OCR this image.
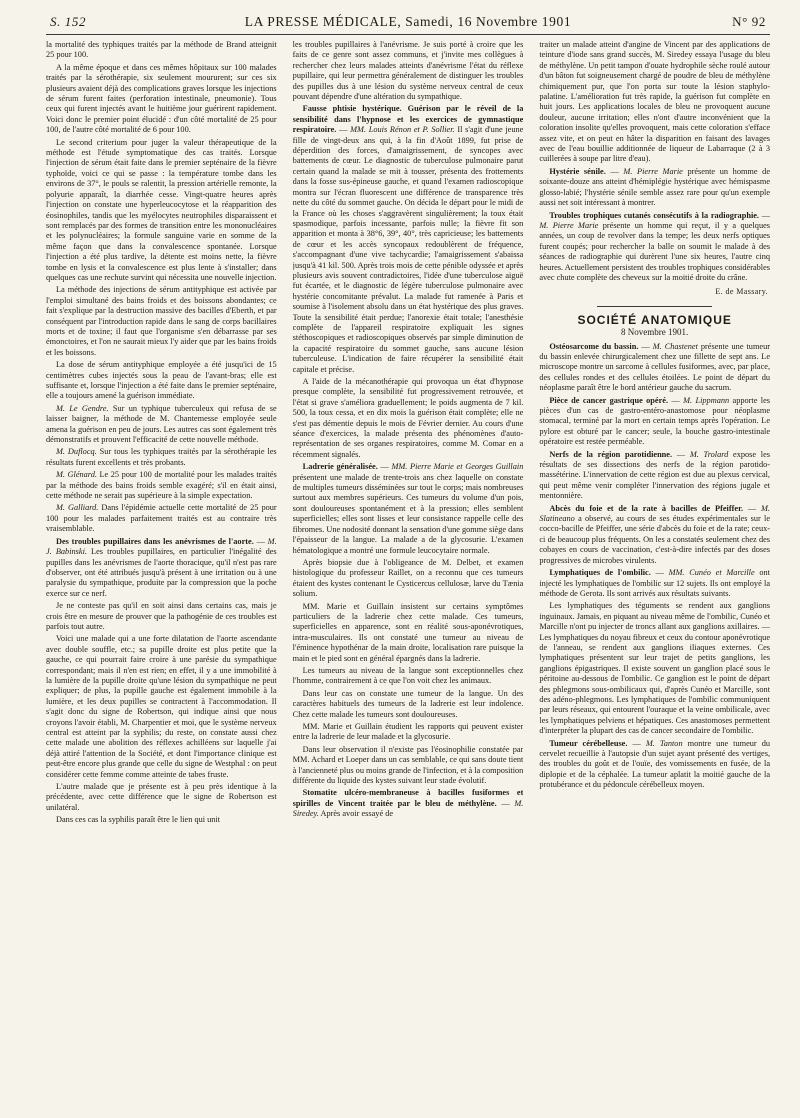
S. 152	LA PRESSE MÉDICALE, Samedi, 16 Novembre 1901	N° 92

la mortalité des typhiques traités par la méthode de Brand atteignit 25 pour 100.

A la même époque et dans ces mêmes hôpitaux sur 100 malades traités par la sérothérapie, six seulement moururent; sur ces six plusieurs avaient déjà des complications graves lorsque les injections de sérum furent faites (perforation intestinale, pneumonie). Tous ceux qui furent injectés avant le huitième jour guérirent rapidement. Voici donc le premier point élucidé : d'un côté mortalité de 25 pour 100, de l'autre côté mortalité de 6 pour 100.

Le second criterium pour juger la valeur thérapeutique de la méthode est l'étude symptomatique des cas traités. Lorsque l'injection de sérum était faite dans le premier septénaire de la fièvre typhoïde, voici ce qui se passe : la température tombe dans les environs de 37°, le pouls se ralentit, la pression artérielle remonte, la polyurie apparaît, la diarrhée cesse. Vingt-quatre heures après l'injection on constate une hyperleucocytose et la réapparition des éosinophiles, tandis que les myélocytes neutrophiles disparaissent et sont remplacés par des formes de transition entre les mononucléaires et les polynucléaires; la formule sanguine varie en somme de la même façon que dans la convalescence spontanée. Lorsque l'injection a été plus tardive, la détente est moins nette, la fièvre tombe en lysis et la convalescence est plus lente à s'installer; dans quelques cas une rechute survint qui nécessita une nouvelle injection.

La méthode des injections de sérum antityphique est activée par l'emploi simultané des bains froids et des boissons abondantes; ce fait s'explique par la destruction massive des bacilles d'Eberth, et par conséquent par l'introduction rapide dans le sang de corps bacillaires morts et de toxine; il faut que l'organisme s'en débarrasse par ses émonctoires, et l'on ne saurait mieux l'y aider que par les bains froids et les boissons.

La dose de sérum antityphique employée a été jusqu'ici de 15 centimètres cubes injectés sous la peau de l'avant-bras; elle est suffisante et, lorsque l'injection a été faite dans le premier septénaire, elle a toujours amené la guérison immédiate.

M. Le Gendre. Sur un typhique tuberculeux qui refusa de se laisser baigner, la méthode de M. Chantemesse employée seule amena la guérison en peu de jours. Les autres cas sont également très démonstratifs et prouvent l'efficacité de cette nouvelle méthode.

M. Duflocq. Sur tous les typhiques traités par la sérothérapie les résultats furent excellents et très probants.

M. Glénard. Le 25 pour 100 de mortalité pour les malades traités par la méthode des bains froids semble exagéré; s'il en était ainsi, cette méthode ne serait pas supérieure à la simple expectation.

M. Galliard. Dans l'épidémie actuelle cette mortalité de 25 pour 100 pour les malades parfaitement traités est au contraire très vraisemblable.

Des troubles pupillaires dans les anévrismes de l'aorte. — M. J. Babinski. Les troubles pupillaires, en particulier l'inégalité des pupilles dans les anévrismes de l'aorte thoracique, qu'il n'est pas rare d'observer, ont été attribués jusqu'à présent à une irritation ou à une paralysie du sympathique, produite par la compression que la poche exerce sur ce nerf.

Je ne conteste pas qu'il en soit ainsi dans certains cas, mais je crois être en mesure de prouver que la pathogénie de ces troubles est parfois tout autre.

Voici une malade qui a une forte dilatation de l'aorte ascendante avec double souffle, etc.; sa pupille droite est plus petite que la gauche, ce qui pourrait faire croire à une parésie du sympathique correspondant; mais il n'en est rien; en effet, il y a une immobilité à la lumière de la pupille droite qu'une lésion du sympathique ne peut expliquer; de plus, la pupille gauche est également immobile à la lumière, et les deux pupilles se contractent à l'accommodation. Il s'agit donc du signe de Robertson, qui indique ainsi que nous croyons l'avoir établi, M. Charpentier et moi, que le système nerveux central est atteint par la syphilis; du reste, on constate aussi chez cette malade une abolition des réflexes achilléens sur laquelle j'ai déjà attiré l'attention de la Société, et dont l'importance clinique est peut-être encore plus grande que celle du signe de Westphal : on peut considérer cette femme comme atteinte de tabes fruste.

L'autre malade que je présente est à peu près identique à la précédente, avec cette différence que le signe de Robertson est unilatéral.

Dans ces cas la syphilis paraît être le lien qui unit

les troubles pupillaires à l'anévrisme. Je suis porté à croire que les faits de ce genre sont assez communs, et j'invite mes collègues à rechercher chez leurs malades atteints d'anévrisme l'état du réflexe pupillaire, qui leur permettra généralement de distinguer les troubles des pupilles dus à une lésion du système nerveux central de ceux pouvant dépendre d'une altération du sympathique.

Fausse phtisie hystérique. Guérison par le réveil de la sensibilité dans l'hypnose et les exercices de gymnastique respiratoire. — MM. Louis Rénon et P. Sollier. Il s'agit d'une jeune fille de vingt-deux ans qui, à la fin d'Août 1899, fut prise de déperdition des forces, d'amaigrissement, de syncopes avec battements de cœur. Le diagnostic de tuberculose pulmonaire parut certain quand la malade se mit à tousser, présenta des frottements dans la fosse sus-épineuse gauche, et quand l'examen radioscopique montra sur l'écran fluorescent une différence de transparence très nette du côté du sommet gauche. On décida le départ pour le midi de la France où les choses s'aggravèrent singulièrement; la toux était spasmodique, parfois incessante, parfois nulle; la fièvre fit son apparition et monta à 38°6, 39°, 40°, très capricieuse; les battements de cœur et les accès syncopaux redoublèrent de fréquence, s'accompagnant d'une vive tachycardie; l'amaigrissement s'abaissa jusqu'à 41 kil. 500. Après trois mois de cette pénible odyssée et après plusieurs avis souvent contradictoires, l'idée d'une tuberculose aiguë fut écartée, et le diagnostic de légère tuberculose pulmonaire avec hystérie concomitante prévalut. La malade fut ramenée à Paris et soumise à l'isolement absolu dans un état hystérique des plus graves. Toute la sensibilité était perdue; l'anorexie était totale; l'anesthésie complète de l'appareil respiratoire expliquait les signes stéthoscopiques et radioscopiques observés par simple diminution de la capacité respiratoire du sommet gauche, sans aucune lésion tuberculeuse. L'indication de faire récupérer la sensibilité était capitale et précise.

A l'aide de la mécanothérapie qui provoqua un état d'hypnose presque complète, la sensibilité fut progressivement retrouvée, et l'état si grave s'améliora graduellement; le poids augmenta de 7 kil. 500, la toux cessa, et en dix mois la guérison était complète; elle ne s'est pas démentie depuis le mois de Février dernier. Au cours d'une séance d'exercices, la malade présenta des phénomènes d'auto-représentation de ses organes respiratoires, comme M. Comar en a récemment signalés.

Ladrerie généralisée. — MM. Pierre Marie et Georges Guillain présentent une malade de trente-trois ans chez laquelle on constate de multiples tumeurs disséminées sur tout le corps; mais nombreuses surtout aux membres supérieurs. Ces tumeurs du volume d'un pois, sont douloureuses spontanément et à la pression; elles semblent superficielles; elles sont lisses et leur consistance rappelle celle des fibromes. Une nodosité donnant la sensation d'une gomme siège dans l'épaisseur de la langue. La malade a de la glycosurie. L'examen hématologique a montré une formule leucocytaire normale.

Après biopsie due à l'obligeance de M. Delbet, et examen histologique du professeur Raillet, on a reconnu que ces tumeurs étaient des kystes contenant le Cysticercus cellulosæ, larve du Tænia solium.

MM. Marie et Guillain insistent sur certains symptômes particuliers de la ladrerie chez cette malade. Ces tumeurs, superficielles en apparence, sont en réalité sous-aponévrotiques, intra-musculaires. Ils ont constaté une tumeur au niveau de l'éminence hypothénar de la main droite, localisation rare puisque la main et le pied sont en général épargnés dans la ladrerie.

Les tumeurs au niveau de la langue sont exceptionnelles chez l'homme, contrairement à ce que l'on voit chez les animaux.

Dans leur cas on constate une tumeur de la langue. Un des caractères habituels des tumeurs de la ladrerie est leur indolence. Chez cette malade les tumeurs sont douloureuses.

MM. Marie et Guillain étudient les rapports qui peuvent exister entre la ladrerie de leur malade et la glycosurie.

Dans leur observation il n'existe pas l'éosinophilie constatée par MM. Achard et Loeper dans un cas semblable, ce qui sans doute tient à l'ancienneté plus ou moins grande de l'infection, et à la composition différente du liquide des kystes suivant leur stade évolutif.

Stomatite ulcéro-membraneuse à bacilles fusiformes et spirilles de Vincent traitée par le bleu de méthylène. — M. Siredey. Après avoir essayé de

traiter un malade atteint d'angine de Vincent par des applications de teinture d'iode sans grand succès, M. Siredey essaya l'usage du bleu de méthylène. Un petit tampon d'ouate hydrophile sèche roulé autour d'un bâton fut soigneusement chargé de poudre de bleu de méthylène chimiquement pur, que l'on porta sur toute la lésion staphylo-palatine. L'amélioration fut très rapide, la guérison fut complète en huit jours. Les applications locales de bleu ne provoquent aucune douleur, aucune irritation; elles n'ont d'autre inconvénient que la coloration insolite qu'elles provoquent, mais cette coloration s'efface assez vite, et on peut en hâter la disparition en faisant des lavages avec de l'eau bouillie additionnée de liqueur de Labarraque (2 à 3 cuillerées à soupe par litre d'eau).

Hystérie sénile. — M. Pierre Marie présente un homme de soixante-douze ans atteint d'hémiplégie hystérique avec hémispasme glosso-labié; l'hystérie sénile semble assez rare pour qu'un exemple aussi net soit intéressant à montrer.

Troubles trophiques cutanés consécutifs à la radiographie. — M. Pierre Marie présente un homme qui reçut, il y a quelques années, un coup de revolver dans la tempe; les deux nerfs optiques furent coupés; pour rechercher la balle on soumit le malade à des séances de radiographie qui durèrent l'une six heures, l'autre cinq heures. Actuellement persistent des troubles trophiques considérables avec chute complète des cheveux sur la moitié droite du crâne.

E. de Massary.
SOCIÉTÉ ANATOMIQUE
8 Novembre 1901.

Ostéosarcome du bassin. — M. Chastenet présente une tumeur du bassin enlevée chirurgicalement chez une fillette de sept ans. Le microscope montre un sarcome à cellules fusiformes, avec, par place, des cellules rondes et des cellules étoilées. Le point de départ du néoplasme paraît être le bord antérieur gauche du sacrum.

Pièce de cancer gastrique opéré. — M. Lippmann apporte les pièces d'un cas de gastro-entéro-anastomose pour néoplasme stomacal, terminé par la mort en certain temps après l'opération. Le pylore est obturé par le cancer; seule, la bouche gastro-intestinale opératoire est restée perméable.

Nerfs de la région parotidienne. — M. Trolard expose les résultats de ses dissections des nerfs de la région parotido-massétérine. L'innervation de cette région est due au plexus cervical, qui peut même venir compléter l'innervation des régions jugale et mentonnière.

Abcès du foie et de la rate à bacilles de Pfeiffer. — M. Slatineano a observé, au cours de ses études expérimentales sur le cocco-bacille de Pfeiffer, une série d'abcès du foie et de la rate; ceux-ci de beaucoup plus fréquents. On les a constatés seulement chez des cobayes en cours de vaccination, c'est-à-dire infectés par des doses progressives de microbes virulents.

Lymphatiques de l'ombilic. — MM. Cunéo et Marcille ont injecté les lymphatiques de l'ombilic sur 12 sujets. Ils ont employé la méthode de Gerota. Ils sont arrivés aux résultats suivants.

Les lymphatiques des téguments se rendent aux ganglions inguinaux. Jamais, en piquant au niveau même de l'ombilic, Cunéo et Marcille n'ont pu injecter de troncs allant aux ganglions axillaires. — Les lymphatiques du noyau fibreux et ceux du contour aponévrotique de l'anneau, se rendent aux ganglions iliaques externes. Ces lymphatiques présentent sur leur trajet de petits ganglions, les ganglions épigastriques. Il existe souvent un ganglion placé sous le péritoine au-dessous de l'ombilic. Ce ganglion est le point de départ des phlegmons sous-ombilicaux qui, d'après Cunéo et Marcille, sont des adéno-phlegmons. Les lymphatiques de l'ombilic communiquent par leurs réseaux, qui entourent l'ouraque et la veine ombilicale, avec les lymphatiques pelviens et hépatiques. Ces anastomoses permettent d'interpréter la plupart des cas de cancer secondaire de l'ombilic.

Tumeur cérébelleuse. — M. Tanton montre une tumeur du cervelet recueillie à l'autopsie d'un sujet ayant présenté des vertiges, des troubles du goût et de l'ouïe, des vomissements en fusée, de la diplopie et de la céphalée. La tumeur aplatit la moitié gauche de la protubérance et du pédoncule cérébelleux moyen.
